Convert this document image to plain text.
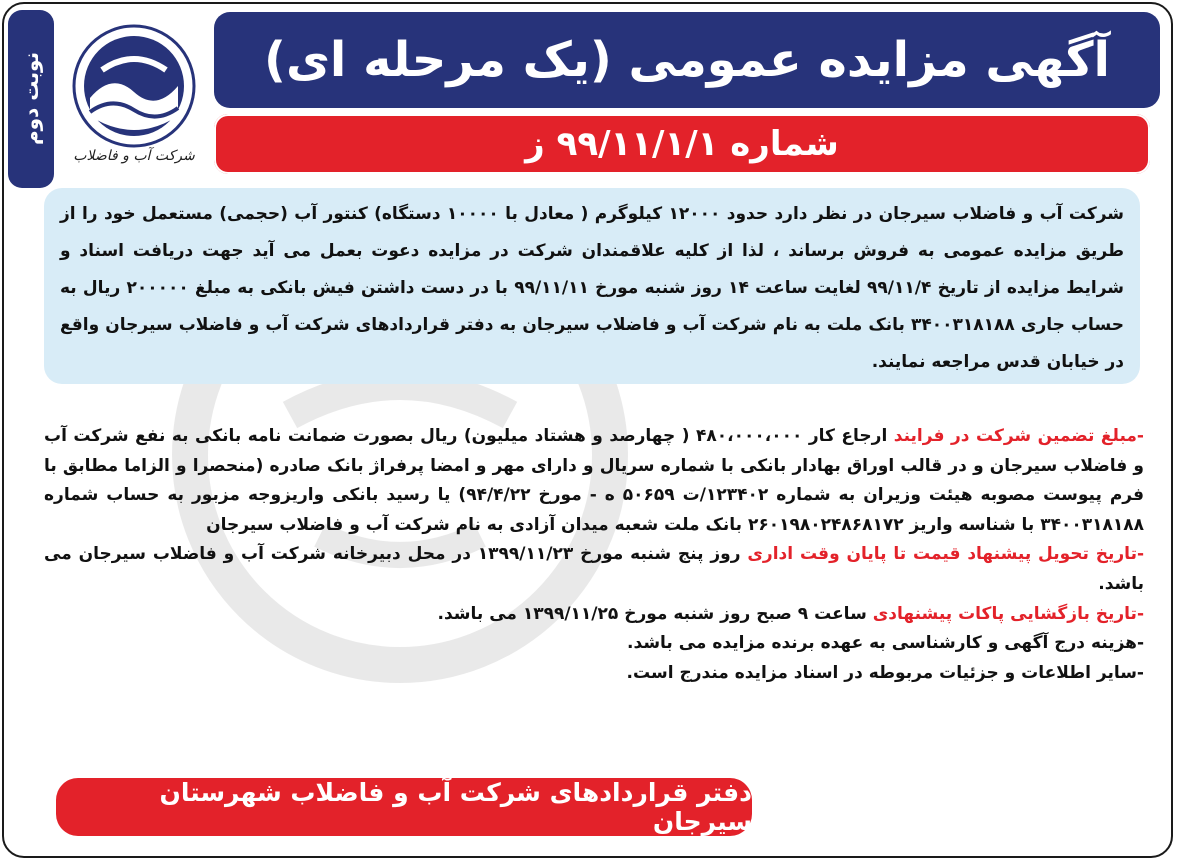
نوبت دوم
شرکت آب و فاضلاب
آگهی مزایده عمومی (یک مرحله ای)
شماره ۹۹/۱۱/۱/۱ ز
شرکت آب و فاضلاب سیرجان در نظر دارد حدود ۱۲۰۰۰ کیلوگرم ( معادل با ۱۰۰۰۰ دستگاه) کنتور آب (حجمی) مستعمل خود را از طریق مزایده عمومی به فروش برساند ، لذا از کلیه علاقمندان شرکت در مزایده دعوت بعمل می آید جهت دریافت اسناد و شرایط مزایده از تاریخ ۹۹/۱۱/۴ لغایت ساعت ۱۴ روز شنبه مورخ ۹۹/۱۱/۱۱ با در دست داشتن فیش بانکی به مبلغ ۲۰۰۰۰۰ ریال به حساب جاری ۳۴۰۰۳۱۸۱۸۸ بانک ملت به نام شرکت آب و فاضلاب سیرجان به دفتر قراردادهای شرکت آب و فاضلاب سیرجان واقع در خیابان قدس مراجعه نمایند.

-مبلغ تضمین شرکت در فرایند ارجاع کار ۴۸۰،۰۰۰،۰۰۰ ( چهارصد و هشتاد میلیون) ریال بصورت ضمانت نامه بانکی به نفع شرکت آب و فاضلاب سیرجان و در قالب اوراق بهادار بانکی با شماره سریال و دارای مهر و امضا پرفراژ بانک صادره (منحصرا و الزاما مطابق با فرم پیوست مصوبه هیئت وزیران به شماره ۱۲۳۴۰۲/ت ۵۰۶۵۹ ه - مورخ ۹۴/۴/۲۲) یا رسید بانکی واریزوجه مزبور به حساب شماره ۳۴۰۰۳۱۸۱۸۸ با شناسه واریز ۲۶۰۱۹۸۰۲۴۸۶۸۱۷۲ بانک ملت شعبه میدان آزادی به نام شرکت آب و فاضلاب سیرجان

-تاریخ تحویل پیشنهاد قیمت تا پایان وقت اداری روز پنج شنبه مورخ ۱۳۹۹/۱۱/۲۳ در محل دبیرخانه شرکت آب و فاضلاب سیرجان می باشد.

-تاریخ بازگشایی پاکات پیشنهادی ساعت ۹ صبح روز شنبه مورخ ۱۳۹۹/۱۱/۲۵ می باشد.

-هزینه درج آگهی و کارشناسی به عهده برنده مزایده می باشد.

-سایر اطلاعات و جزئیات مربوطه در اسناد مزایده مندرج است.

دفتر قراردادهای شرکت آب و فاضلاب شهرستان سیرجان
